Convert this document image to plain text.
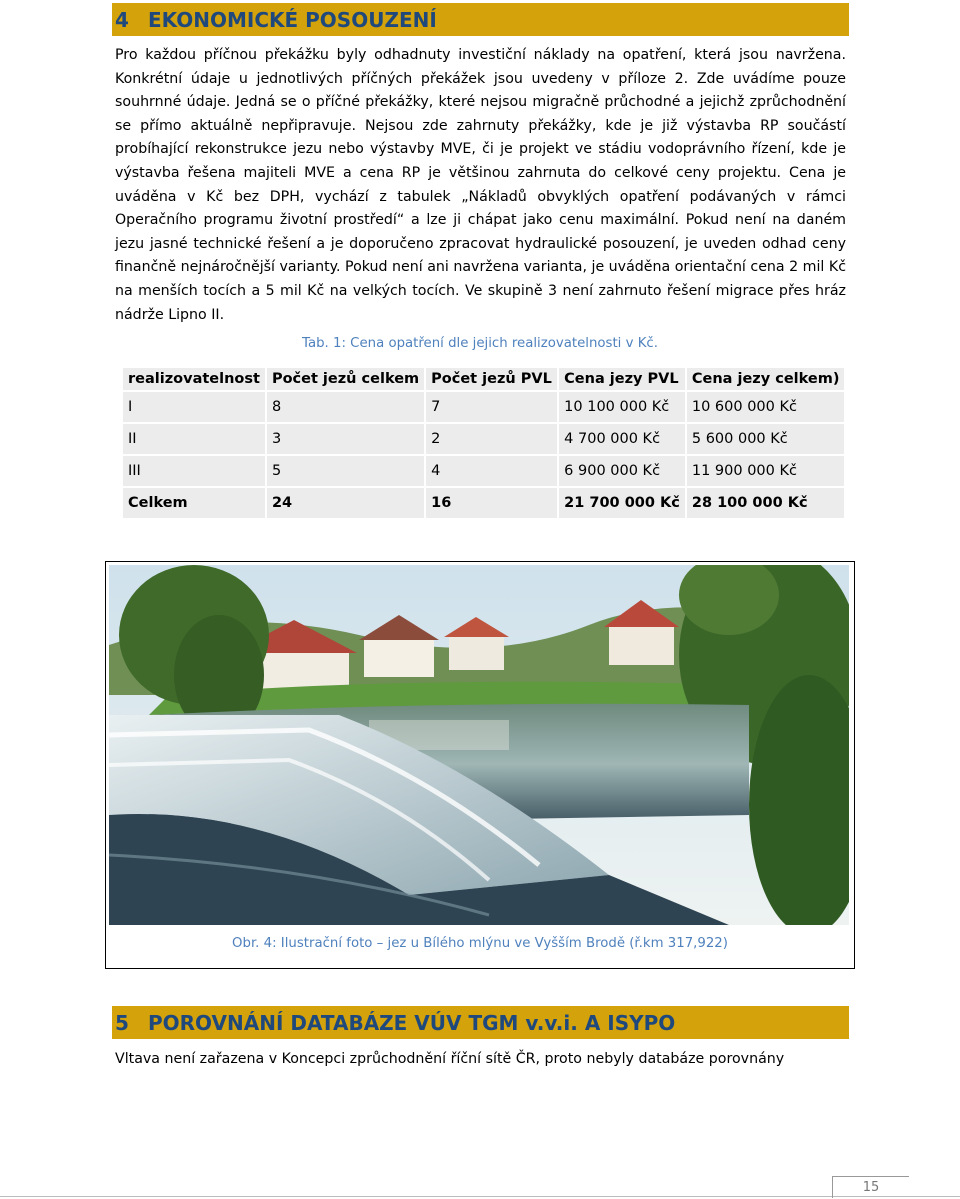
4 EKONOMICKÉ POSOUZENÍ
Pro každou příčnou překážku byly odhadnuty investiční náklady na opatření, která jsou navržena. Konkrétní údaje u jednotlivých příčných překážek jsou uvedeny v příloze 2. Zde uvádíme pouze souhrnné údaje. Jedná se o příčné překážky, které nejsou migračně průchodné a jejichž zprůchodnění se přímo aktuálně nepřipravuje. Nejsou zde zahrnuty překážky, kde je již výstavba RP součástí probíhající rekonstrukce jezu nebo výstavby MVE, či je projekt ve stádiu vodoprávního řízení, kde je výstavba řešena majiteli MVE a cena RP je většinou zahrnuta do celkové ceny projektu. Cena je uváděna v Kč bez DPH, vychází z tabulek „Nákladů obvyklých opatření podávaných v rámci Operačního programu životní prostředí“ a lze ji chápat jako cenu maximální. Pokud není na daném jezu jasné technické řešení a je doporučeno zpracovat hydraulické posouzení, je uveden odhad ceny finančně nejnáročnější varianty. Pokud není ani navržena varianta, je uváděna orientační cena 2 mil Kč na menších tocích a 5 mil Kč na velkých tocích. Ve skupině 3 není zahrnuto řešení migrace přes hráz nádrže Lipno II.
Tab. 1: Cena opatření dle jejich realizovatelnosti v Kč.
realizovatelnost	Počet jezů celkem	Počet jezů PVL	Cena jezy PVL	Cena jezy celkem)
I	8	7	10 100 000 Kč	10 600 000 Kč
II	3	2	4 700 000 Kč	5 600 000 Kč
III	5	4	6 900 000 Kč	11 900 000 Kč
Celkem	24	16	21 700 000 Kč	28 100 000 Kč
Obr. 4: Ilustrační foto – jez u Bílého mlýnu ve Vyšším Brodě (ř.km 317,922)
5 POROVNÁNÍ DATABÁZE VÚV TGM v.v.i. A ISYPO
Vltava není zařazena v Koncepci zprůchodnění říční sítě ČR, proto nebyly databáze porovnány
15
